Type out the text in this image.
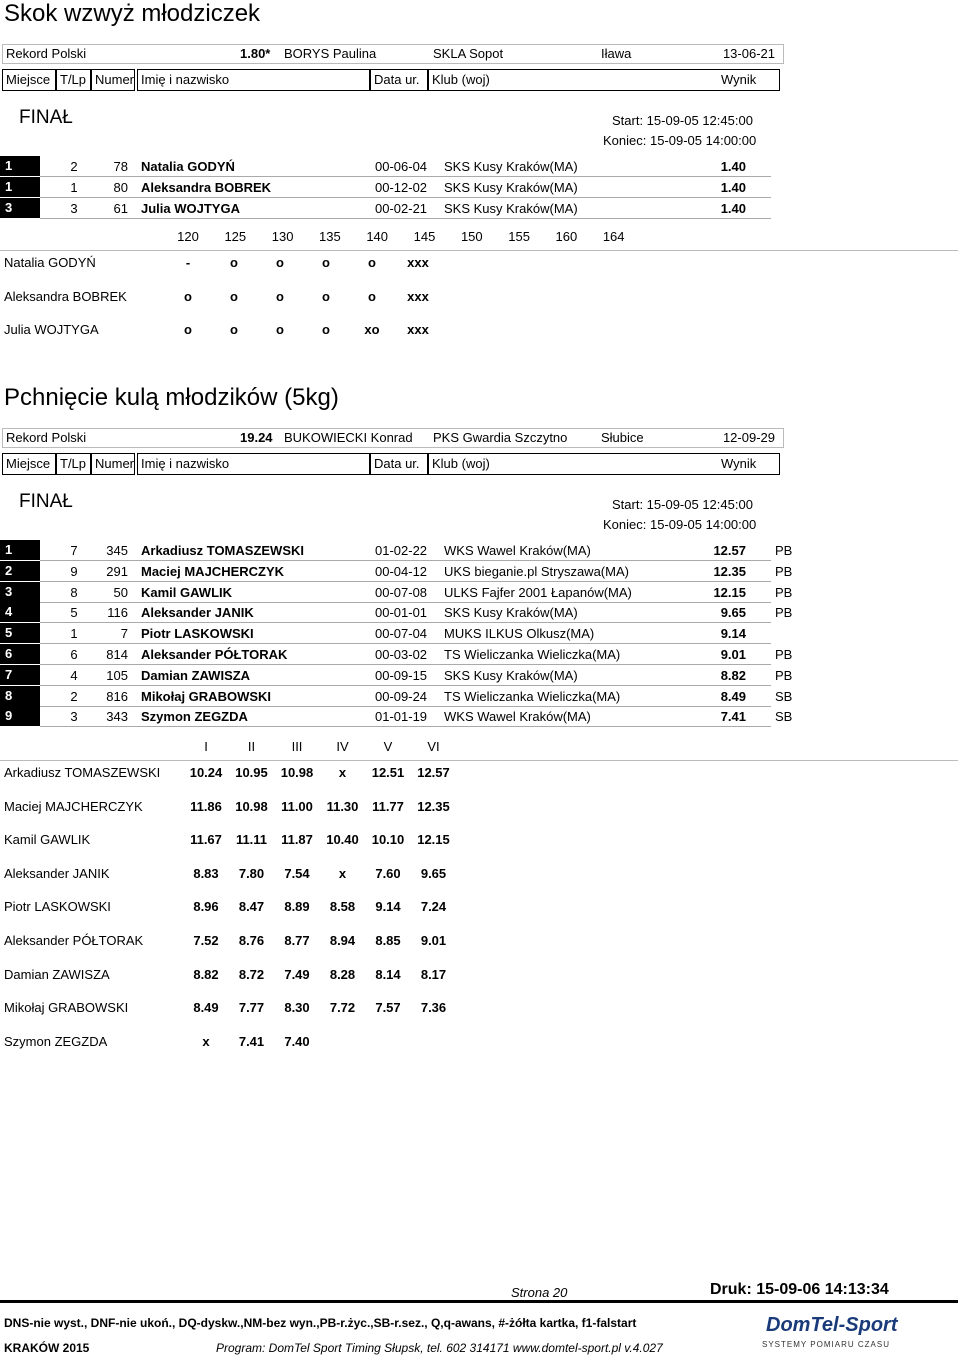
Skok wzwyż młodziczek
Rekord Polski	1.80* BORYS Paulina	SKLA Sopot	Iława	13-06-21
Miejsce T/Lp Numer Imię i nazwisko	Data ur. Klub (woj)	Wynik
FINAŁ	Start: 15-09-05 12:45:00
Koniec: 15-09-05 14:00:00
1	2	78 Natalia GODYŃ	00-06-04 SKS Kusy Kraków(MA)	1.40
1	1	80 Aleksandra BOBREK	00-12-02 SKS Kusy Kraków(MA)	1.40
3	3	61 Julia WOJTYGA	00-02-21 SKS Kusy Kraków(MA)	1.40
120	125	130	135	140	145	150	155	160	164
Natalia GODYŃ	-	o	o	o	o	xxx
Aleksandra BOBREK	o	o	o	o	o	xxx
Julia WOJTYGA	o	o	o	o	xo	xxx
Pchnięcie kulą młodzików (5kg)
Rekord Polski	19.24 BUKOWIECKI Konrad PKS Gwardia Szczytno	Słubice	12-09-29
Miejsce T/Lp Numer Imię i nazwisko	Data ur. Klub (woj)	Wynik
FINAŁ	Start: 15-09-05 12:45:00
Koniec: 15-09-05 14:00:00
1	7	345 Arkadiusz TOMASZEWSKI	01-02-22 WKS Wawel Kraków(MA)	12.57 PB
2	9	291 Maciej MAJCHERCZYK	00-04-12 UKS bieganie.pl Stryszawa(MA)	12.35 PB
3	8	50 Kamil GAWLIK	00-07-08 ULKS Fajfer 2001 Łapanów(MA)	12.15 PB
4	5	116 Aleksander JANIK	00-01-01 SKS Kusy Kraków(MA)	9.65 PB
5	1	7 Piotr LASKOWSKI	00-07-04 MUKS ILKUS Olkusz(MA)	9.14
6	6	814 Aleksander PÓŁTORAK	00-03-02 TS Wieliczanka Wieliczka(MA)	9.01 PB
7	4	105 Damian ZAWISZA	00-09-15 SKS Kusy Kraków(MA)	8.82 PB
8	2	816 Mikołaj GRABOWSKI	00-09-24 TS Wieliczanka Wieliczka(MA)	8.49 SB
9	3	343 Szymon ZEGZDA	01-01-19 WKS Wawel Kraków(MA)	7.41 SB
I	II	III	IV	V	VI
Arkadiusz TOMASZEWSKI	10.24 10.95 10.98	x	12.51 12.57
Maciej MAJCHERCZYK	11.86	10.98	11.00	11.30	11.77	12.35
Kamil GAWLIK	11.67	11.11	11.87	10.40 10.10 12.15
Aleksander JANIK	8.83	7.80	7.54	x	7.60	9.65
Piotr LASKOWSKI	8.96	8.47	8.89	8.58	9.14	7.24
Aleksander PÓŁTORAK	7.52	8.76	8.77	8.94	8.85	9.01
Damian ZAWISZA	8.82	8.72	7.49	8.28	8.14	8.17
Mikołaj GRABOWSKI	8.49	7.77	8.30	7.72	7.57	7.36
Szymon ZEGZDA	x	7.41	7.40
Strona 20	Druk: 15-09-06 14:13:34
DNS-nie wyst., DNF-nie ukoń., DQ-dyskw.,NM-bez wyn.,PB-r.życ.,SB-r.sez., Q,q-awans, #-żółta kartka, f1-falstart
KRAKÓW 2015	Program: DomTel Sport Timing Słupsk, tel. 602 314171 www.domtel-sport.pl v.4.027
DomTel-Sport
SYSTEMY POMIARU CZASU
